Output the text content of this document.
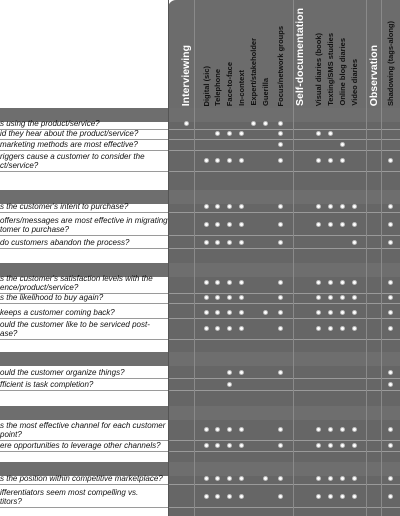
Interviewing Digital (sic) Telephone Face-to-face In-context Expert/stakeholder Guerilla Focus/network groups Self-documentation Visual diaries (book) Texting/SMS studies Online blog diaries Video diaries Observation Shadowing (tags-along)
s using the product/service?
id they hear about the product/service?
marketing methods are most effective?
riggers cause a customer to consider the
ct/service?
s the customer's intent to purchase?
offers/messages are most effective in migrating
tomer to purchase?
do customers abandon the process?
s the customer's satisfaction levels with the
ence/product/service?
s the likelihood to buy again?
keeps a customer coming back?
ould the customer like to be serviced post-
ase?
ould the customer organize things?
fficient is task completion?
s the most effective channel for each customer
point?
ere opportunities to leverage other channels?
s the position within competitive marketplace?
ifferentiators seem most compelling vs.
titors?
